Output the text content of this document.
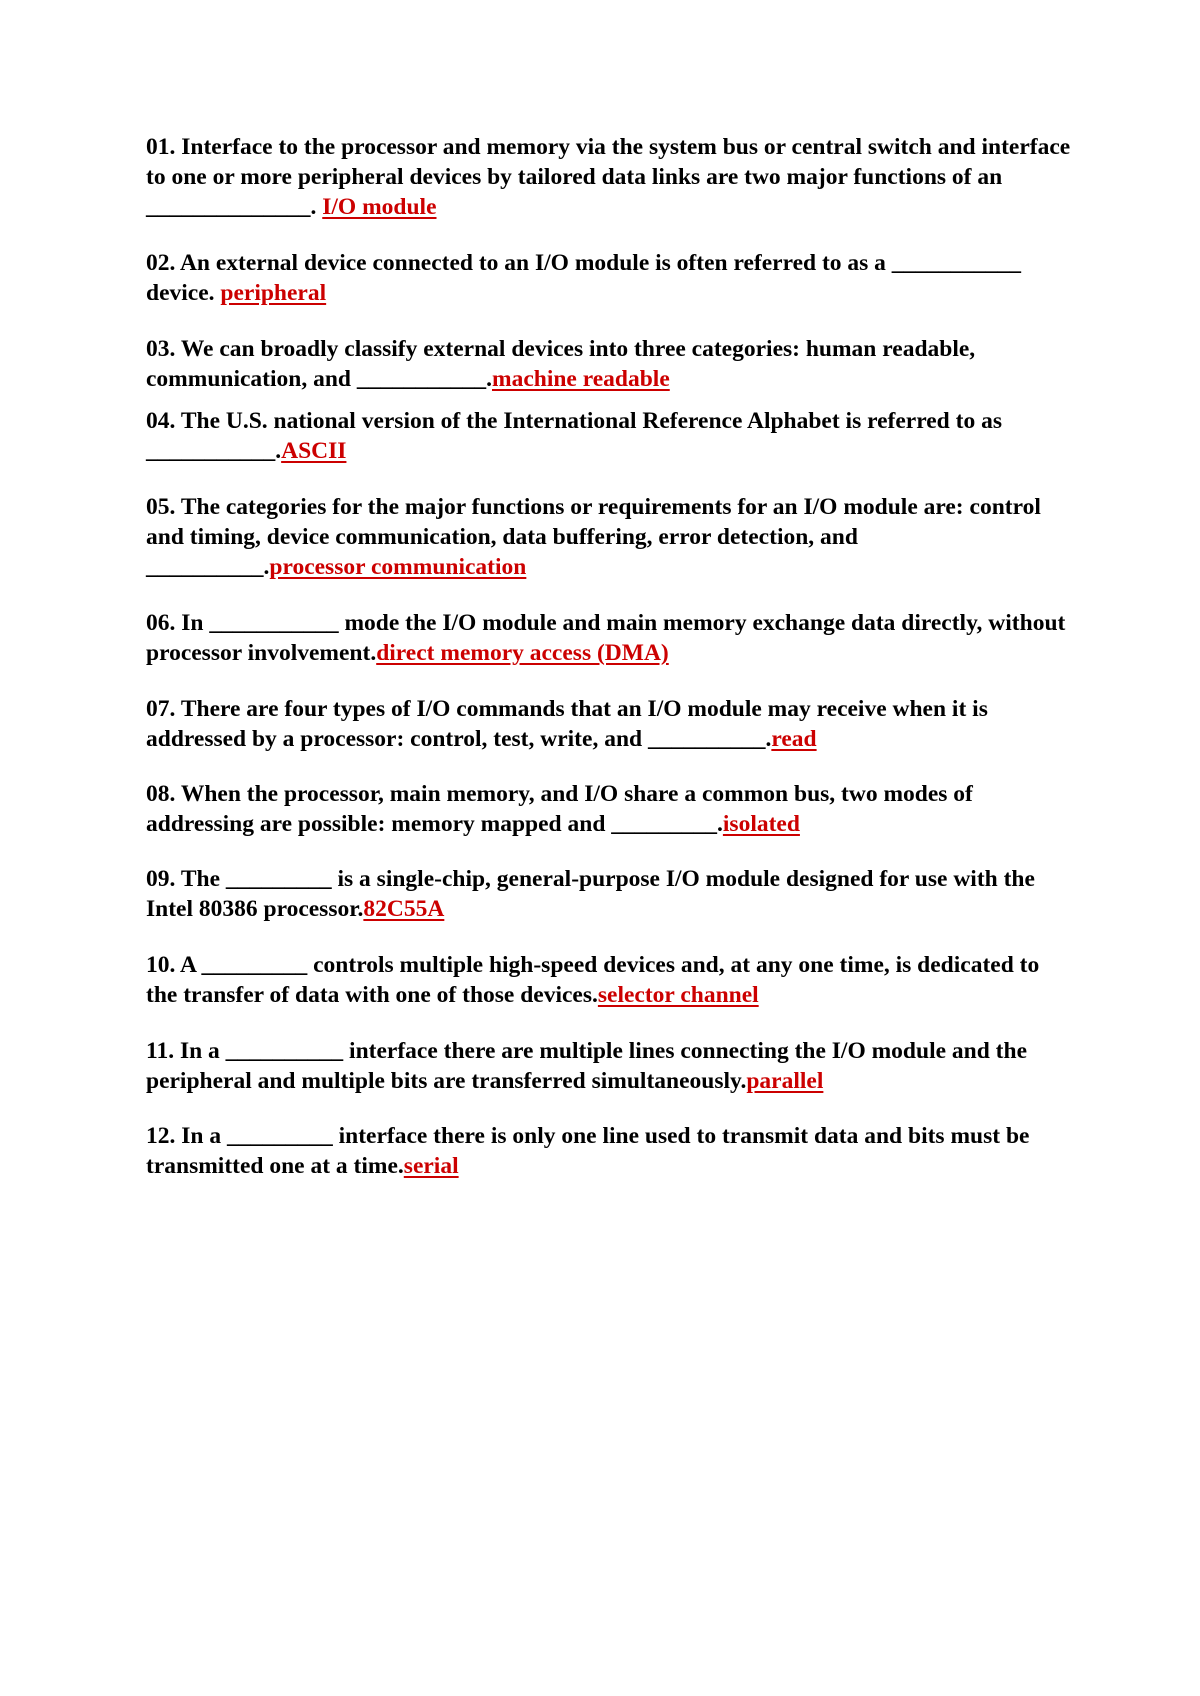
01. Interface to the processor and memory via the system bus or central switch and interface to one or more peripheral devices by tailored data links are two major functions of an ______________. I/O module

02. An external device connected to an I/O module is often referred to as a ___________ device. peripheral

03. We can broadly classify external devices into three categories: human readable, communication, and ___________.machine readable

04. The U.S. national version of the International Reference Alphabet is referred to as ___________.ASCII

05. The categories for the major functions or requirements for an I/O module are: control and timing, device communication, data buffering, error detection, and __________.processor communication

06. In ___________ mode the I/O module and main memory exchange data directly, without processor involvement.direct memory access (DMA)

07. There are four types of I/O commands that an I/O module may receive when it is addressed by a processor: control, test, write, and __________.read

08. When the processor, main memory, and I/O share a common bus, two modes of addressing are possible: memory mapped and _________.isolated

09. The _________ is a single-chip, general-purpose I/O module designed for use with the Intel 80386 processor.82C55A

10. A _________ controls multiple high-speed devices and, at any one time, is dedicated to the transfer of data with one of those devices.selector channel

11. In a __________ interface there are multiple lines connecting the I/O module and the peripheral and multiple bits are transferred simultaneously.parallel

12. In a _________ interface there is only one line used to transmit data and bits must be transmitted one at a time.serial
